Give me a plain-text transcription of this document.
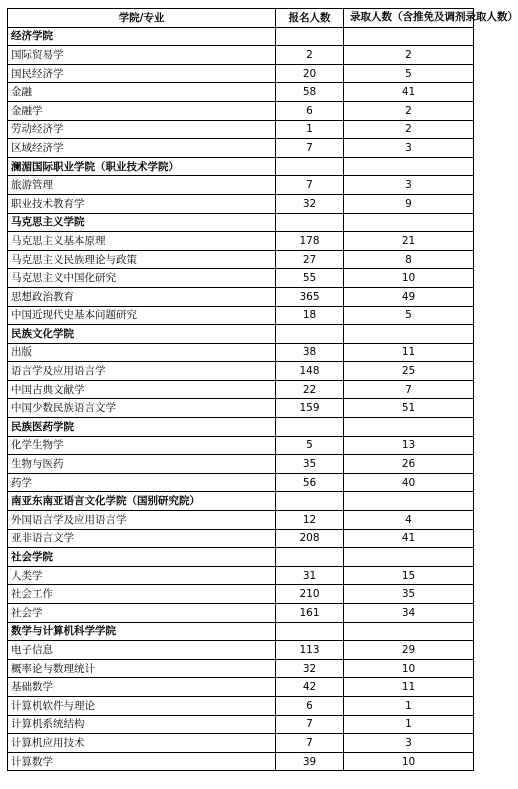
学院/专业	报名人数	录取人数（含推免及调剂录取人数）
经济学院		
国际贸易学	2	2
国民经济学	20	5
金融	58	41
金融学	6	2
劳动经济学	1	2
区域经济学	7	3
澜湄国际职业学院（职业技术学院）		
旅游管理	7	3
职业技术教育学	32	9
马克思主义学院		
马克思主义基本原理	178	21
马克思主义民族理论与政策	27	8
马克思主义中国化研究	55	10
思想政治教育	365	49
中国近现代史基本问题研究	18	5
民族文化学院		
出版	38	11
语言学及应用语言学	148	25
中国古典文献学	22	7
中国少数民族语言文学	159	51
民族医药学院		
化学生物学	5	13
生物与医药	35	26
药学	56	40
南亚东南亚语言文化学院（国别研究院）		
外国语言学及应用语言学	12	4
亚非语言文学	208	41
社会学院		
人类学	31	15
社会工作	210	35
社会学	161	34
数学与计算机科学学院		
电子信息	113	29
概率论与数理统计	32	10
基础数学	42	11
计算机软件与理论	6	1
计算机系统结构	7	1
计算机应用技术	7	3
计算数学	39	10
